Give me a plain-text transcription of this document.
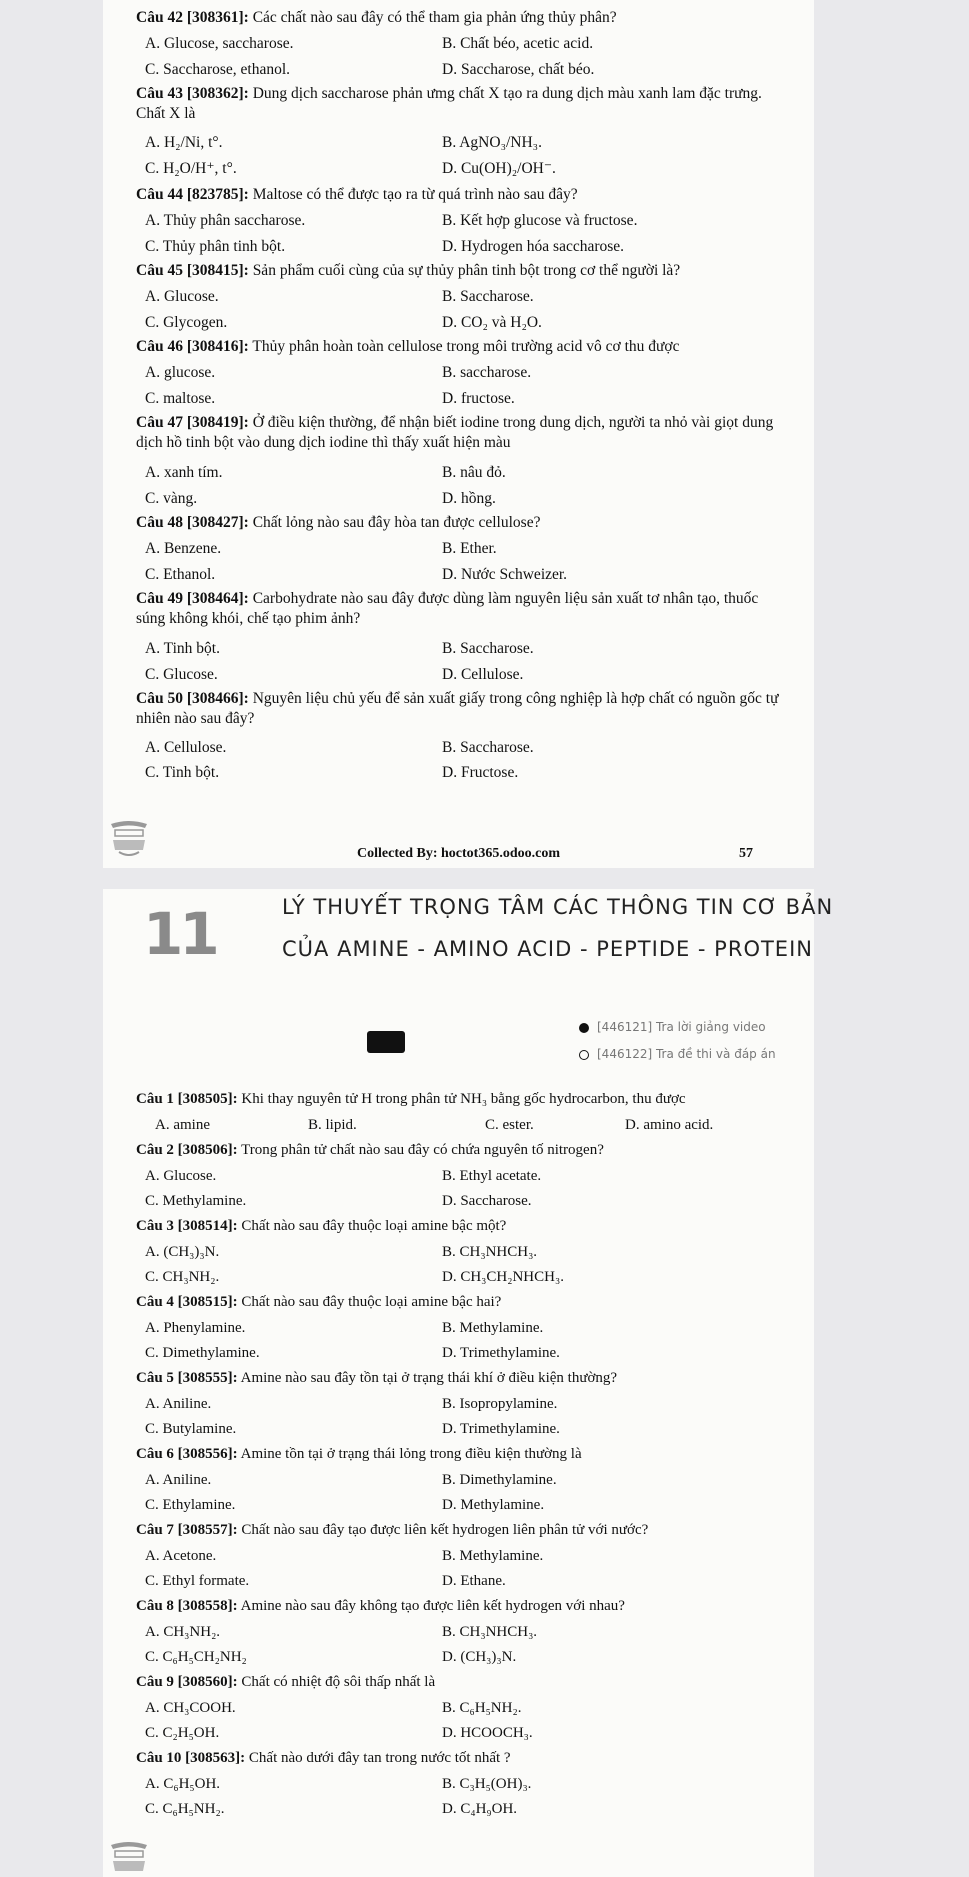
Câu 42 [308361]: Các chất nào sau đây có thể tham gia phản ứng thủy phân?
A. Glucose, saccharose.	B. Chất béo, acetic acid.
C. Saccharose, ethanol.	D. Saccharose, chất béo.
Câu 43 [308362]: Dung dịch saccharose phản ưmg chất X tạo ra dung dịch màu xanh lam đặc trưng. Chất X là
A. H₂/Ni, t°.	B. AgNO₃/NH₃.
C. H₂O/H⁺, t°.	D. Cu(OH)₂/OH⁻.
Câu 44 [823785]: Maltose có thể được tạo ra từ quá trình nào sau đây?
A. Thủy phân saccharose.	B. Kết hợp glucose và fructose.
C. Thủy phân tinh bột.	D. Hydrogen hóa saccharose.
Câu 45 [308415]: Sản phẩm cuối cùng của sự thủy phân tinh bột trong cơ thể người là?
A. Glucose.	B. Saccharose.
C. Glycogen.	D. CO₂ và H₂O.
Câu 46 [308416]: Thủy phân hoàn toàn cellulose trong môi trường acid vô cơ thu được
A. glucose.	B. saccharose.
C. maltose.	D. fructose.
Câu 47 [308419]: Ở điều kiện thường, để nhận biết iodine trong dung dịch, người ta nhỏ vài giọt dung dịch hồ tinh bột vào dung dịch iodine thì thấy xuất hiện màu
A. xanh tím.	B. nâu đỏ.
C. vàng.	D. hồng.
Câu 48 [308427]: Chất lỏng nào sau đây hòa tan được cellulose?
A. Benzene.	B. Ether.
C. Ethanol.	D. Nước Schweizer.
Câu 49 [308464]: Carbohydrate nào sau đây được dùng làm nguyên liệu sản xuất tơ nhân tạo, thuốc súng không khói, chế tạo phim ảnh?
A. Tinh bột.	B. Saccharose.
C. Glucose.	D. Cellulose.
Câu 50 [308466]: Nguyên liệu chủ yếu để sản xuất giấy trong công nghiệp là hợp chất có nguồn gốc tự nhiên nào sau đây?
A. Cellulose.	B. Saccharose.
C. Tinh bột.	D. Fructose.
Collected By: hoctot365.odoo.com	57
11	LÝ THUYẾT TRỌNG TÂM CÁC THÔNG TIN CƠ BẢN
CỦA AMINE - AMINO ACID - PEPTIDE - PROTEIN
[446121] Tra lời giảng video
[446122] Tra đề thi và đáp án
Câu 1 [308505]: Khi thay nguyên tử H trong phân tử NH₃ bằng gốc hydrocarbon, thu được
A. amine	B. lipid.	C. ester.	D. amino acid.
Câu 2 [308506]: Trong phân tử chất nào sau đây có chứa nguyên tố nitrogen?
A. Glucose.	B. Ethyl acetate.
C. Methylamine.	D. Saccharose.
Câu 3 [308514]: Chất nào sau đây thuộc loại amine bậc một?
A. (CH₃)₃N.	B. CH₃NHCH₃.
C. CH₃NH₂.	D. CH₃CH₂NHCH₃.
Câu 4 [308515]: Chất nào sau đây thuộc loại amine bậc hai?
A. Phenylamine.	B. Methylamine.
C. Dimethylamine.	D. Trimethylamine.
Câu 5 [308555]: Amine nào sau đây tồn tại ở trạng thái khí ở điều kiện thường?
A. Aniline.	B. Isopropylamine.
C. Butylamine.	D. Trimethylamine.
Câu 6 [308556]: Amine tồn tại ở trạng thái lỏng trong điều kiện thường là
A. Aniline.	B. Dimethylamine.
C. Ethylamine.	D. Methylamine.
Câu 7 [308557]: Chất nào sau đây tạo được liên kết hydrogen liên phân tử với nước?
A. Acetone.	B. Methylamine.
C. Ethyl formate.	D. Ethane.
Câu 8 [308558]: Amine nào sau đây không tạo được liên kết hydrogen với nhau?
A. CH₃NH₂.	B. CH₃NHCH₃.
C. C₆H₅CH₂NH₂	D. (CH₃)₃N.
Câu 9 [308560]: Chất có nhiệt độ sôi thấp nhất là
A. CH₃COOH.	B. C₆H₅NH₂.
C. C₂H₅OH.	D. HCOOCH₃.
Câu 10 [308563]: Chất nào dưới đây tan trong nước tốt nhất ?
A. C₆H₅OH.	B. C₃H₅(OH)₃.
C. C₆H₅NH₂.	D. C₄H₉OH.
